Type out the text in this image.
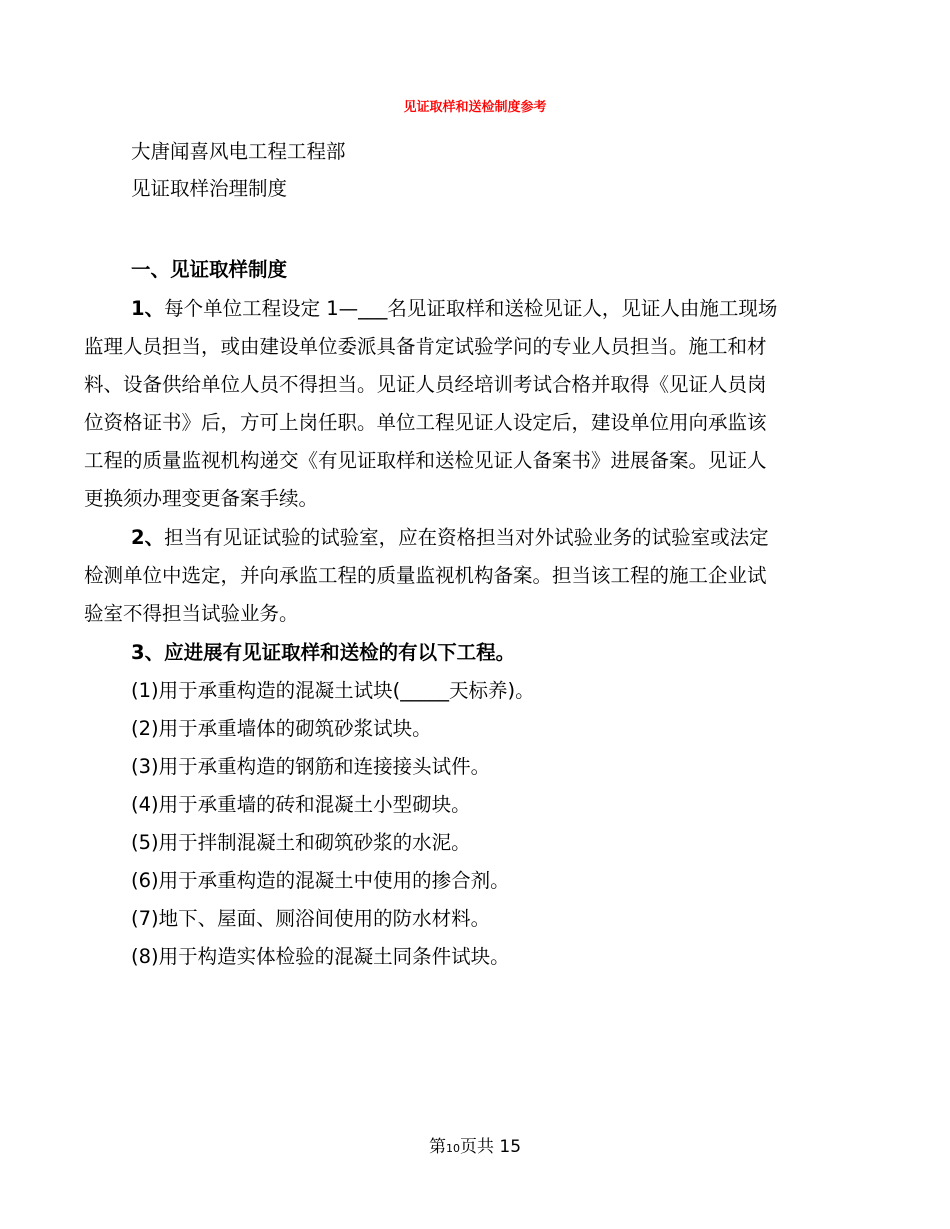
见证取样和送检制度参考
大唐闻喜风电工程工程部
见证取样治理制度
一、见证取样制度
1、每个单位工程设定 1—___名见证取样和送检见证人，见证人由施工现场
监理人员担当，或由建设单位委派具备肯定试验学问的专业人员担当。施工和材
料、设备供给单位人员不得担当。见证人员经培训考试合格并取得《见证人员岗
位资格证书》后，方可上岗任职。单位工程见证人设定后，建设单位用向承监该
工程的质量监视机构递交《有见证取样和送检见证人备案书》进展备案。见证人
更换须办理变更备案手续。
2、担当有见证试验的试验室，应在资格担当对外试验业务的试验室或法定
检测单位中选定，并向承监工程的质量监视机构备案。担当该工程的施工企业试
验室不得担当试验业务。
3、应进展有见证取样和送检的有以下工程。
(1)用于承重构造的混凝土试块(_____天标养)。
(2)用于承重墙体的砌筑砂浆试块。
(3)用于承重构造的钢筋和连接接头试件。
(4)用于承重墙的砖和混凝土小型砌块。
(5)用于拌制混凝土和砌筑砂浆的水泥。
(6)用于承重构造的混凝土中使用的掺合剂。
(7)地下、屋面、厕浴间使用的防水材料。
(8)用于构造实体检验的混凝土同条件试块。
第10页共 15
